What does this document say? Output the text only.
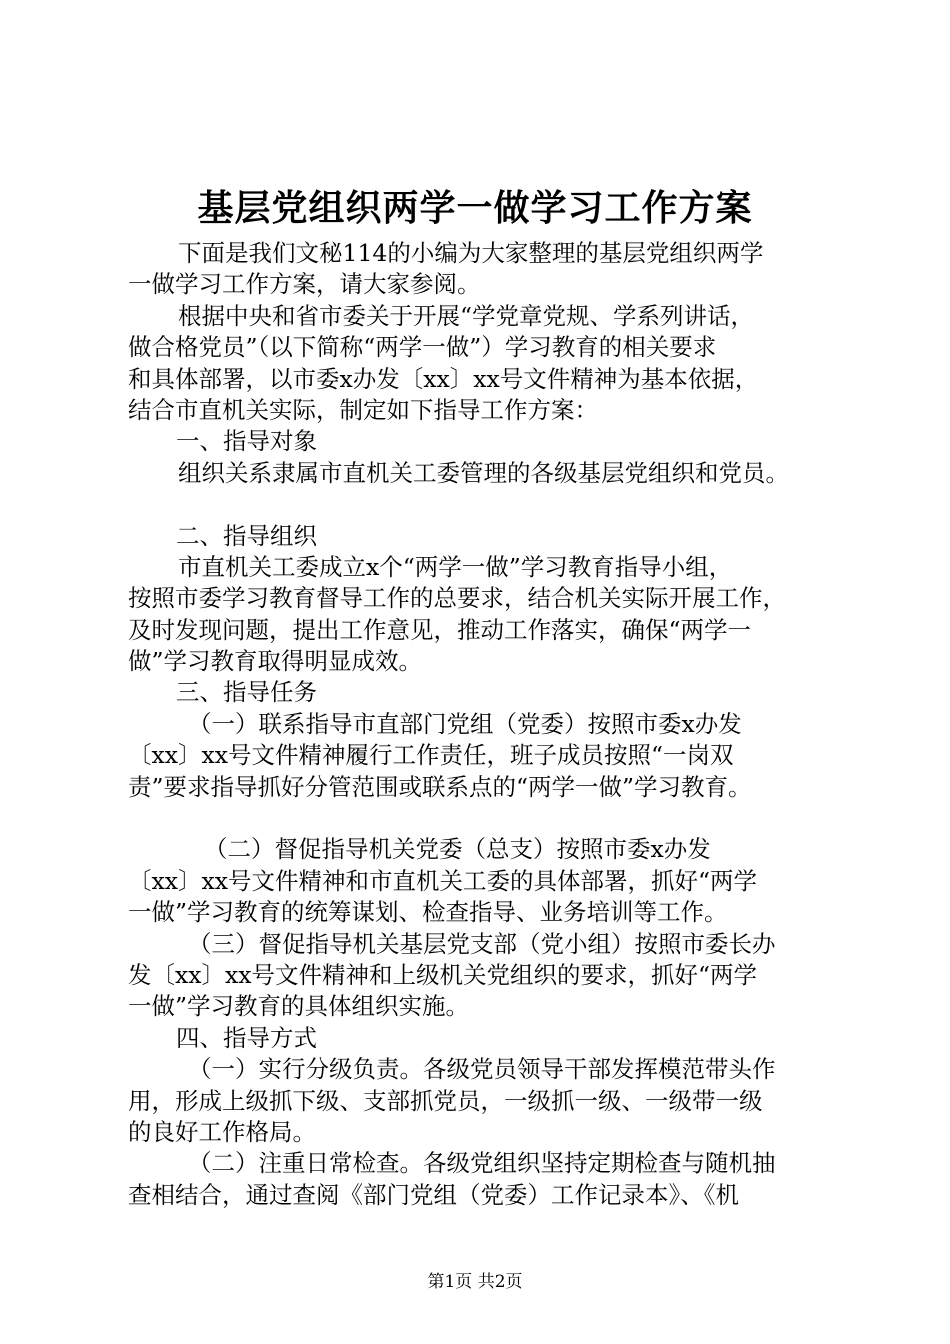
基层党组织两学一做学习工作方案
下面是我们文秘114的小编为大家整理的基层党组织两学
一做学习工作方案，请大家参阅。
根据中央和省市委关于开展“学党章党规、学系列讲话，
做合格党员”（以下简称“两学一做”）学习教育的相关要求
和具体部署，以市委x办发〔xx〕xx号文件精神为基本依据，
结合市直机关实际，制定如下指导工作方案：
一、指导对象
组织关系隶属市直机关工委管理的各级基层党组织和党员。
二、指导组织
市直机关工委成立x个“两学一做”学习教育指导小组，
按照市委学习教育督导工作的总要求，结合机关实际开展工作，
及时发现问题，提出工作意见，推动工作落实，确保“两学一
做”学习教育取得明显成效。
三、指导任务
（一）联系指导市直部门党组（党委）按照市委x办发
〔xx〕xx号文件精神履行工作责任，班子成员按照“一岗双
责”要求指导抓好分管范围或联系点的“两学一做”学习教育。
（二）督促指导机关党委（总支）按照市委x办发
〔xx〕xx号文件精神和市直机关工委的具体部署，抓好“两学
一做”学习教育的统筹谋划、检查指导、业务培训等工作。
（三）督促指导机关基层党支部（党小组）按照市委长办
发〔xx〕xx号文件精神和上级机关党组织的要求，抓好“两学
一做”学习教育的具体组织实施。
四、指导方式
（一）实行分级负责。各级党员领导干部发挥模范带头作
用，形成上级抓下级、支部抓党员，一级抓一级、一级带一级
的良好工作格局。
（二）注重日常检查。各级党组织坚持定期检查与随机抽
查相结合，通过查阅《部门党组（党委）工作记录本》、《机
第1页 共2页
